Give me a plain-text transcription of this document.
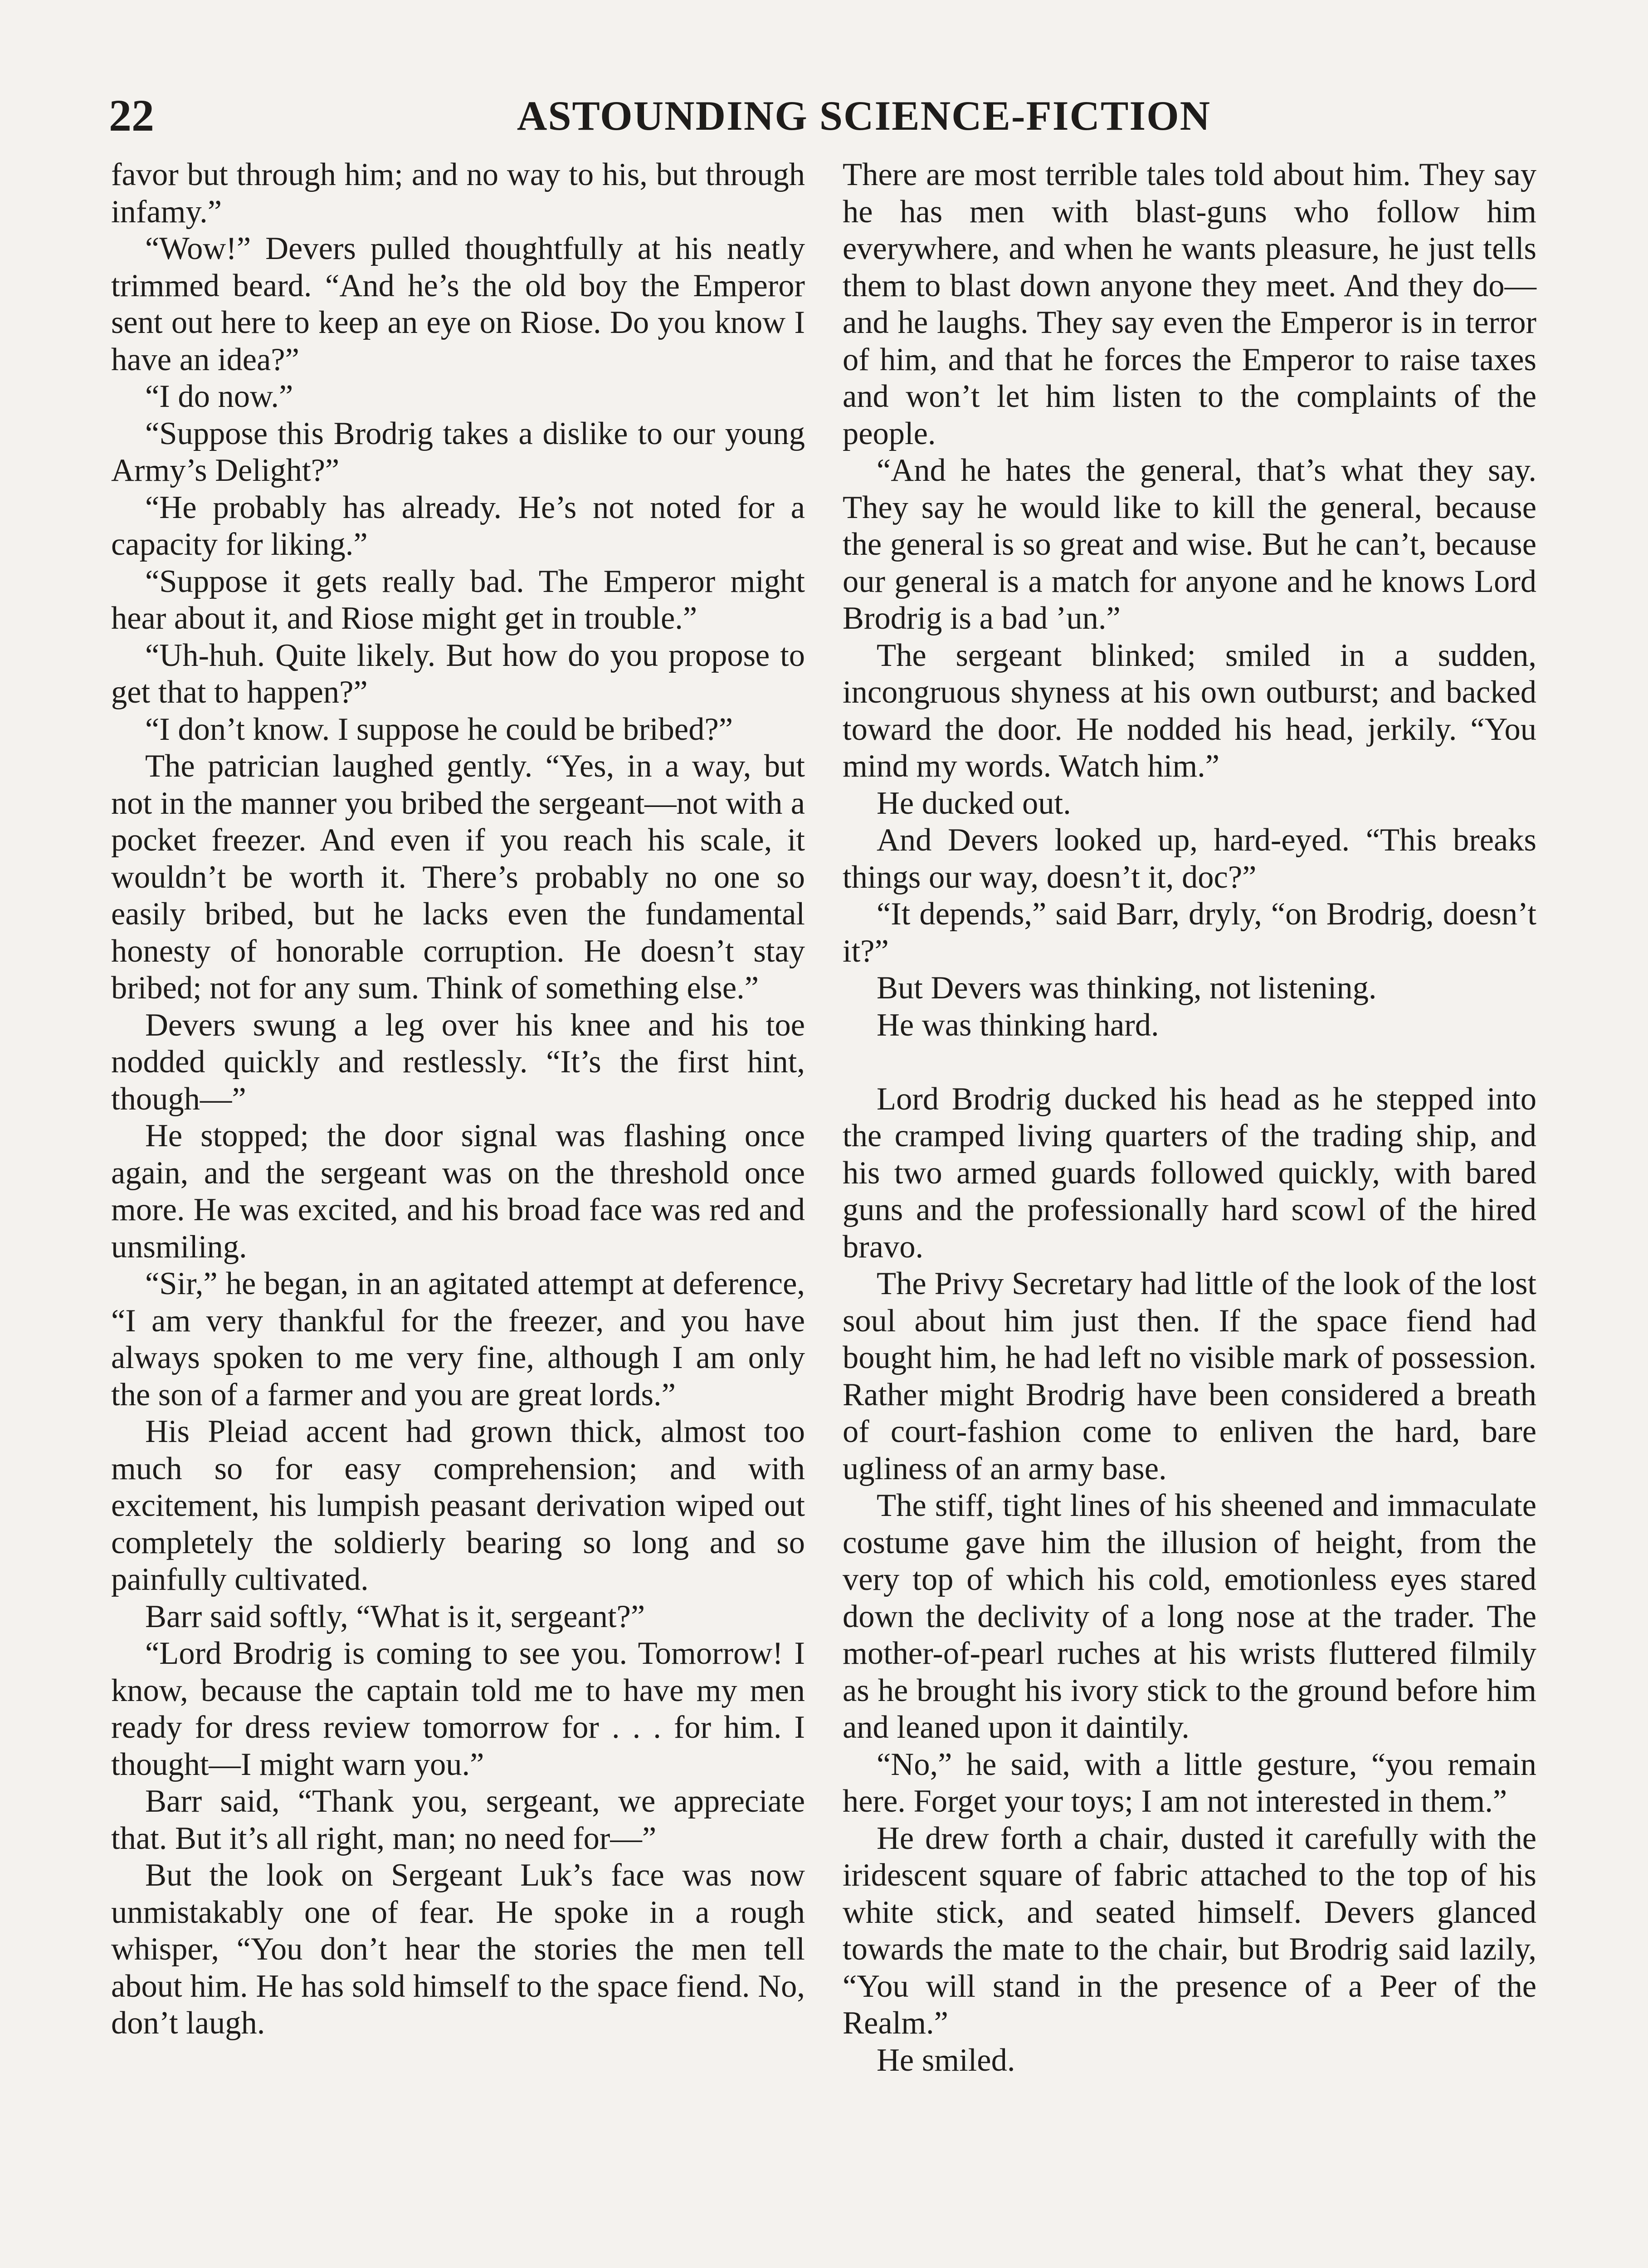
22	ASTOUNDING SCIENCE-FICTION

favor but through him; and no way to his, but through infamy.”

“Wow!” Devers pulled thoughtfully at his neatly trimmed beard. “And he’s the old boy the Emperor sent out here to keep an eye on Riose. Do you know I have an idea?”

“I do now.”

“Suppose this Brodrig takes a dislike to our young Army’s Delight?”

“He probably has already. He’s not noted for a capacity for liking.”

“Suppose it gets really bad. The Emperor might hear about it, and Riose might get in trouble.”

“Uh-huh. Quite likely. But how do you propose to get that to happen?”

“I don’t know. I suppose he could be bribed?”

The patrician laughed gently. “Yes, in a way, but not in the manner you bribed the sergeant—not with a pocket freezer. And even if you reach his scale, it wouldn’t be worth it. There’s probably no one so easily bribed, but he lacks even the fundamental honesty of honorable corruption. He doesn’t stay bribed; not for any sum. Think of something else.”

Devers swung a leg over his knee and his toe nodded quickly and restlessly. “It’s the first hint, though—”

He stopped; the door signal was flashing once again, and the sergeant was on the threshold once more. He was excited, and his broad face was red and unsmiling.

“Sir,” he began, in an agitated attempt at deference, “I am very thankful for the freezer, and you have always spoken to me very fine, although I am only the son of a farmer and you are great lords.”

His Pleiad accent had grown thick, almost too much so for easy comprehension; and with excitement, his lumpish peasant derivation wiped out completely the soldierly bearing so long and so painfully cultivated.

Barr said softly, “What is it, sergeant?”

“Lord Brodrig is coming to see you. Tomorrow! I know, because the captain told me to have my men ready for dress review tomorrow for . . . for him. I thought—I might warn you.”

Barr said, “Thank you, sergeant, we appreciate that. But it’s all right, man; no need for—”

But the look on Sergeant Luk’s face was now unmistakably one of fear. He spoke in a rough whisper, “You don’t hear the stories the men tell about him. He has sold himself to the space fiend. No, don’t laugh.

There are most terrible tales told about him. They say he has men with blast-guns who follow him everywhere, and when he wants pleasure, he just tells them to blast down anyone they meet. And they do—and he laughs. They say even the Emperor is in terror of him, and that he forces the Emperor to raise taxes and won’t let him listen to the complaints of the people.

“And he hates the general, that’s what they say. They say he would like to kill the general, because the general is so great and wise. But he can’t, because our general is a match for anyone and he knows Lord Brodrig is a bad ’un.”

The sergeant blinked; smiled in a sudden, incongruous shyness at his own outburst; and backed toward the door. He nodded his head, jerkily. “You mind my words. Watch him.”

He ducked out.

And Devers looked up, hard-eyed. “This breaks things our way, doesn’t it, doc?”

“It depends,” said Barr, dryly, “on Brodrig, doesn’t it?”

But Devers was thinking, not listening.

He was thinking hard.

Lord Brodrig ducked his head as he stepped into the cramped living quarters of the trading ship, and his two armed guards followed quickly, with bared guns and the professionally hard scowl of the hired bravo.

The Privy Secretary had little of the look of the lost soul about him just then. If the space fiend had bought him, he had left no visible mark of possession. Rather might Brodrig have been considered a breath of court-fashion come to enliven the hard, bare ugliness of an army base.

The stiff, tight lines of his sheened and immaculate costume gave him the illusion of height, from the very top of which his cold, emotionless eyes stared down the declivity of a long nose at the trader. The mother-of-pearl ruches at his wrists fluttered filmily as he brought his ivory stick to the ground before him and leaned upon it daintily.

“No,” he said, with a little gesture, “you remain here. Forget your toys; I am not interested in them.”

He drew forth a chair, dusted it carefully with the iridescent square of fabric attached to the top of his white stick, and seated himself. Devers glanced towards the mate to the chair, but Brodrig said lazily, “You will stand in the presence of a Peer of the Realm.”

He smiled.
